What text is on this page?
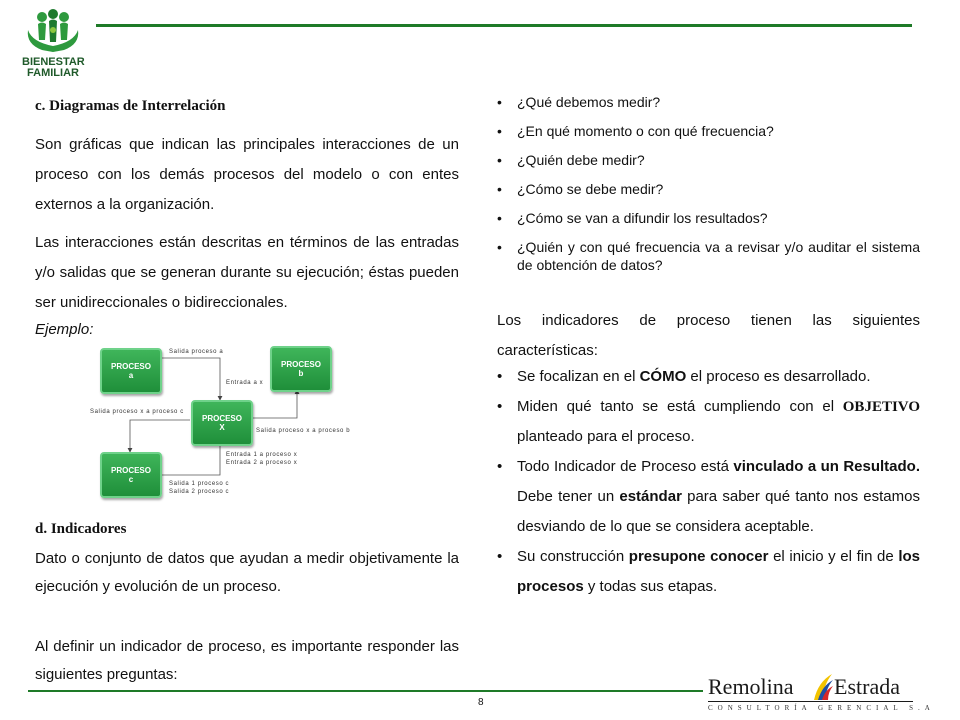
BIENESTAR
FAMILIAR
c. Diagramas de Interrelación
Son gráficas que indican las principales interacciones de un proceso con los demás procesos del modelo o con entes externos a la organización.
Las interacciones están descritas en términos de las entradas y/o salidas que se generan durante su ejecución; éstas pueden ser unidireccionales o bidireccionales.
Ejemplo:
PROCESO
a
PROCESO
b
PROCESO
X
PROCESO
c
Salida proceso a
Entrada a x
Salida proceso x a proceso c
Salida proceso x a proceso b
Entrada 1 a proceso x
Entrada 2 a proceso x
Salida 1 proceso c
Salida 2 proceso c
d. Indicadores
Dato o conjunto de datos que ayudan a medir objetivamente la ejecución y evolución de un proceso.
Al definir un indicador de proceso, es importante responder las siguientes preguntas:
• ¿Qué debemos medir?
• ¿En qué momento o con qué frecuencia?
• ¿Quién debe medir?
• ¿Cómo se debe medir?
• ¿Cómo se van a difundir los resultados?
• ¿Quién y con qué frecuencia va a revisar y/o auditar el sistema de obtención de datos?
Los indicadores de proceso tienen las siguientes características:
• Se focalizan en el CÓMO el proceso es desarrollado.
• Miden qué tanto se está cumpliendo con el OBJETIVO planteado para el proceso.
• Todo Indicador de Proceso está vinculado a un Resultado. Debe tener un estándar para saber qué tanto nos estamos desviando de lo que se considera aceptable.
• Su construcción presupone conocer el inicio y el fin de los procesos y todas sus etapas.
8
Remolina Estrada
CONSULTORÍA GERENCIAL S.A
